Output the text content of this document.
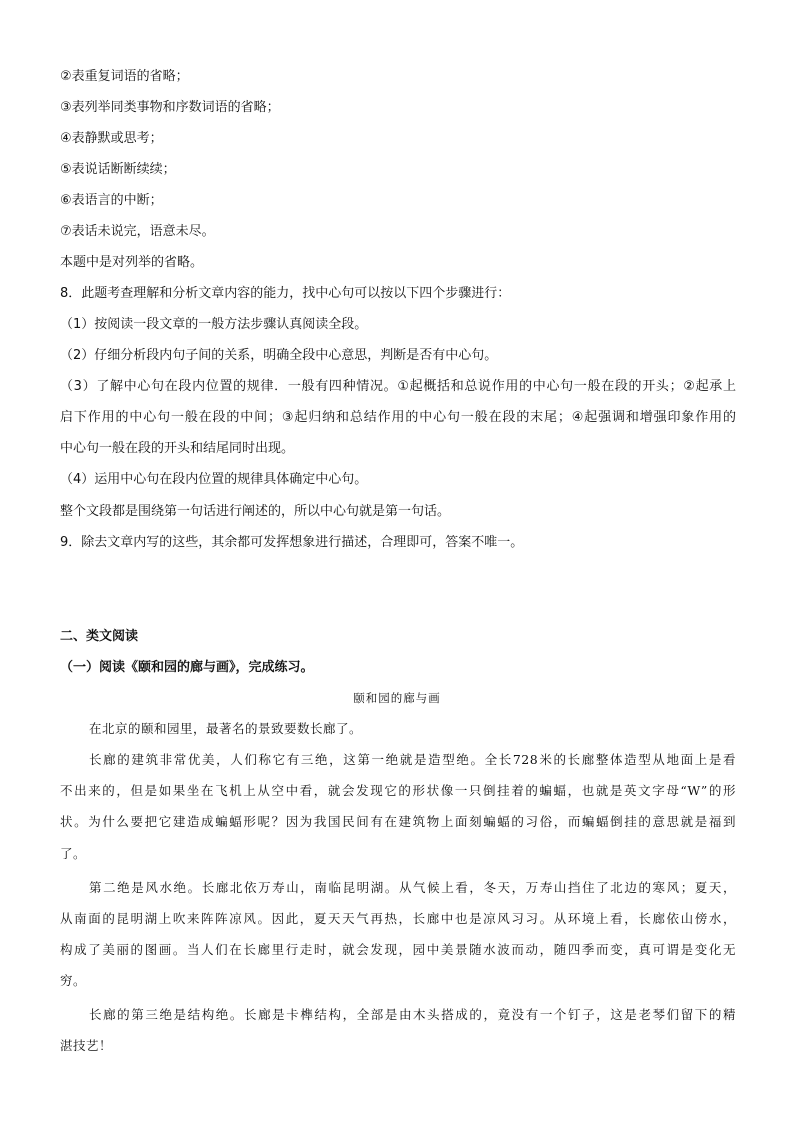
②表重复词语的省略；
③表列举同类事物和序数词语的省略；
④表静默或思考；
⑤表说话断断续续；
⑥表语言的中断；
⑦表话未说完，语意未尽。
本题中是对列举的省略。
8．此题考查理解和分析文章内容的能力，找中心句可以按以下四个步骤进行：
（1）按阅读一段文章的一般方法步骤认真阅读全段。
（2）仔细分析段内句子间的关系，明确全段中心意思，判断是否有中心句。
（3）了解中心句在段内位置的规律．一般有四种情况。①起概括和总说作用的中心句一般在段的开头；②起承上
启下作用的中心句一般在段的中间；③起归纳和总结作用的中心句一般在段的末尾；④起强调和增强印象作用的
中心句一般在段的开头和结尾同时出现。
（4）运用中心句在段内位置的规律具体确定中心句。
整个文段都是围绕第一句话进行阐述的，所以中心句就是第一句话。
9．除去文章内写的这些，其余都可发挥想象进行描述，合理即可，答案不唯一。
二、类文阅读
（一）阅读《颐和园的廊与画》，完成练习。
颐和园的廊与画
在北京的颐和园里，最著名的景致要数长廊了。
长廊的建筑非常优美，人们称它有三绝，这第一绝就是造型绝。全长728米的长廊整体造型从地面上是看
不出来的，但是如果坐在飞机上从空中看，就会发现它的形状像一只倒挂着的蝙蝠，也就是英文字母“W”的形
状。为什么要把它建造成蝙蝠形呢？因为我国民间有在建筑物上面刻蝙蝠的习俗，而蝙蝠倒挂的意思就是福到
了。
第二绝是风水绝。长廊北依万寿山，南临昆明湖。从气候上看，冬天，万寿山挡住了北边的寒风；夏天，
从南面的昆明湖上吹来阵阵凉风。因此，夏天天气再热，长廊中也是凉风习习。从环境上看，长廊依山傍水，
构成了美丽的图画。当人们在长廊里行走时，就会发现，园中美景随水波而动，随四季而变，真可谓是变化无
穷。
长廊的第三绝是结构绝。长廊是卡榫结构，全部是由木头搭成的，竟没有一个钉子，这是老琴们留下的精
湛技艺！
